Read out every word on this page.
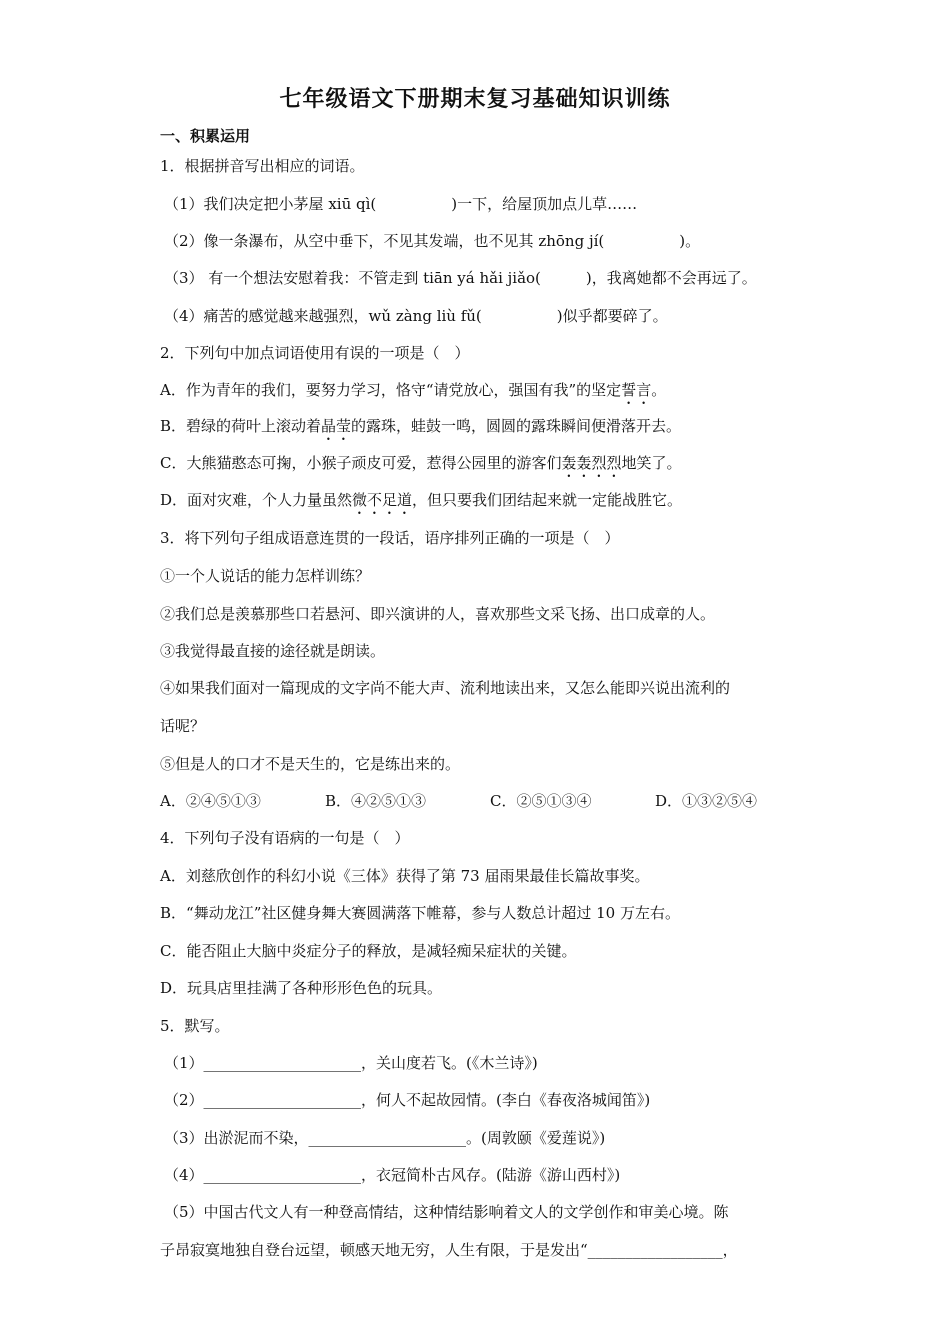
七年级语文下册期末复习基础知识训练
一、积累运用
1．根据拼音写出相应的词语。
（1）我们决定把小茅屋 xiū qì(　　　　　)一下，给屋顶加点儿草……
（2）像一条瀑布，从空中垂下，不见其发端，也不见其 zhōng jí(　　　　　)。
（3） 有一个想法安慰着我：不管走到 tiān yá hǎi jiǎo(　　　)，我离她都不会再远了。
（4）痛苦的感觉越来越强烈，wǔ zàng liù fǔ(　　　　　)似乎都要碎了。
2．下列句中加点词语使用有误的一项是（　）
A．作为青年的我们，要努力学习，恪守“请党放心，强国有我”的坚定誓言。
B．碧绿的荷叶上滚动着晶莹的露珠，蛙鼓一鸣，圆圆的露珠瞬间便滑落开去。
C．大熊猫憨态可掬，小猴子顽皮可爱，惹得公园里的游客们轰轰烈烈地笑了。
D．面对灾难，个人力量虽然微不足道，但只要我们团结起来就一定能战胜它。
3．将下列句子组成语意连贯的一段话，语序排列正确的一项是（　）
①一个人说话的能力怎样训练？
②我们总是羡慕那些口若悬河、即兴演讲的人，喜欢那些文采飞扬、出口成章的人。
③我觉得最直接的途径就是朗读。
④如果我们面对一篇现成的文字尚不能大声、流利地读出来，又怎么能即兴说出流利的
话呢？
⑤但是人的口才不是天生的，它是练出来的。
A．②④⑤①③	B．④②⑤①③	C．②⑤①③④	D．①③②⑤④
4．下列句子没有语病的一句是（　）
A．刘慈欣创作的科幻小说《三体》获得了第 73 届雨果最佳长篇故事奖。
B．“舞动龙江”社区健身舞大赛圆满落下帷幕，参与人数总计超过 10 万左右。
C．能否阻止大脑中炎症分子的释放，是减轻痴呆症状的关键。
D．玩具店里挂满了各种形形色色的玩具。
5．默写。
（1）_____________________，关山度若飞。(《木兰诗》)
（2）_____________________，何人不起故园情。(李白《春夜洛城闻笛》)
（3）出淤泥而不染，_____________________。(周敦颐《爱莲说》)
（4）_____________________，衣冠简朴古风存。(陆游《游山西村》)
（5）中国古代文人有一种登高情结，这种情结影响着文人的文学创作和审美心境。陈
子昂寂寞地独自登台远望，顿感天地无穷，人生有限，于是发出“__________________，
